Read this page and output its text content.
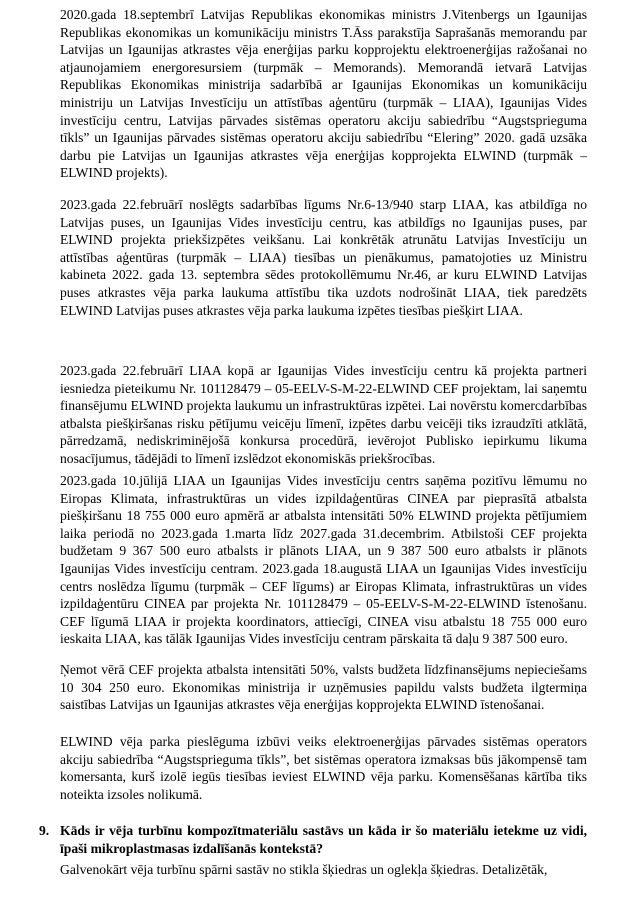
2020.gada 18.septembrī Latvijas Republikas ekonomikas ministrs J.Vitenbergs un Igaunijas Republikas ekonomikas un komunikāciju ministrs T.Āss parakstīja Saprašanās memorandu par Latvijas un Igaunijas atkrastes vēja enerģijas parku kopprojektu elektroenerģijas ražošanai no atjaunojamiem energoresursiem (turpmāk – Memorands). Memorandā ietvarā Latvijas Republikas Ekonomikas ministrija sadarbībā ar Igaunijas Ekonomikas un komunikāciju ministriju un Latvijas Investīciju un attīstības aģentūru (turpmāk – LIAA), Igaunijas Vides investīciju centru, Latvijas pārvades sistēmas operatoru akciju sabiedrību “Augstsprieguma tīkls” un Igaunijas pārvades sistēmas operatoru akciju sabiedrību “Elering” 2020. gadā uzsāka darbu pie Latvijas un Igaunijas atkrastes vēja enerģijas kopprojekta ELWIND (turpmāk – ELWIND projekts).

2023.gada 22.februārī noslēgts sadarbības līgums Nr.6-13/940 starp LIAA, kas atbildīga no Latvijas puses, un Igaunijas Vides investīciju centru, kas atbildīgs no Igaunijas puses, par ELWIND projekta priekšizpētes veikšanu. Lai konkrētāk atrunātu Latvijas Investīciju un attīstības aģentūras (turpmāk – LIAA) tiesības un pienākumus, pamatojoties uz Ministru kabineta 2022. gada 13. septembra sēdes protokollēmumu Nr.46, ar kuru ELWIND Latvijas puses atkrastes vēja parka laukuma attīstību tika uzdots nodrošināt LIAA, tiek paredzēts ELWIND Latvijas puses atkrastes vēja parka laukuma izpētes tiesības piešķirt LIAA.

2023.gada 22.februārī LIAA kopā ar Igaunijas Vides investīciju centru kā projekta partneri iesniedza pieteikumu Nr. 101128479 – 05-EELV-S-M-22-ELWIND CEF projektam, lai saņemtu finansējumu ELWIND projekta laukumu un infrastruktūras izpētei. Lai novērstu komercdarbības atbalsta piešķiršanas risku pētījumu veicēju līmenī, izpētes darbu veicēji tiks izraudzīti atklātā, pārredzamā, nediskriminējošā konkursa procedūrā, ievērojot Publisko iepirkumu likuma nosacījumus, tādējādi to līmenī izslēdzot ekonomiskās priekšrocības.

2023.gada 10.jūlijā LIAA un Igaunijas Vides investīciju centrs saņēma pozitīvu lēmumu no Eiropas Klimata, infrastruktūras un vides izpildaģentūras CINEA par pieprasītā atbalsta piešķiršanu 18 755 000 euro apmērā ar atbalsta intensitāti 50% ELWIND projekta pētījumiem laika periodā no 2023.gada 1.marta līdz 2027.gada 31.decembrim. Atbilstoši CEF projekta budžetam 9 367 500 euro atbalsts ir plānots LIAA, un 9 387 500 euro atbalsts ir plānots Igaunijas Vides investīciju centram. 2023.gada 18.augustā LIAA un Igaunijas Vides investīciju centrs noslēdza līgumu (turpmāk – CEF līgums) ar Eiropas Klimata, infrastruktūras un vides izpildaģentūru CINEA par projekta Nr. 101128479 – 05-EELV-S-M-22-ELWIND īstenošanu. CEF līgumā LIAA ir projekta koordinators, attiecīgi, CINEA visu atbalstu 18 755 000 euro ieskaita LIAA, kas tālāk Igaunijas Vides investīciju centram pārskaita tā daļu 9 387 500 euro.

Ņemot vērā CEF projekta atbalsta intensitāti 50%, valsts budžeta līdzfinansējums nepieciešams 10 304 250 euro. Ekonomikas ministrija ir uzņēmusies papildu valsts budžeta ilgtermiņa saistības Latvijas un Igaunijas atkrastes vēja enerģijas kopprojekta ELWIND īstenošanai.

ELWIND vēja parka pieslēguma izbūvi veiks elektroenerģijas pārvades sistēmas operators akciju sabiedrība “Augstsprieguma tīkls”, bet sistēmas operatora izmaksas būs jākompensē tam komersanta, kurš izolē iegūs tiesības ieviest ELWIND vēja parku. Komensēšanas kārtība tiks noteikta izsoles nolikumā.

9. Kāds ir vēja turbīnu kompozītmateriālu sastāvs un kāda ir šo materiālu ietekme uz vidi, īpaši mikroplastmasas izdalīšanās kontekstā?

Galvenokārt vēja turbīnu spārni sastāv no stikla šķiedras un oglekļa šķiedras. Detalizētāk,
